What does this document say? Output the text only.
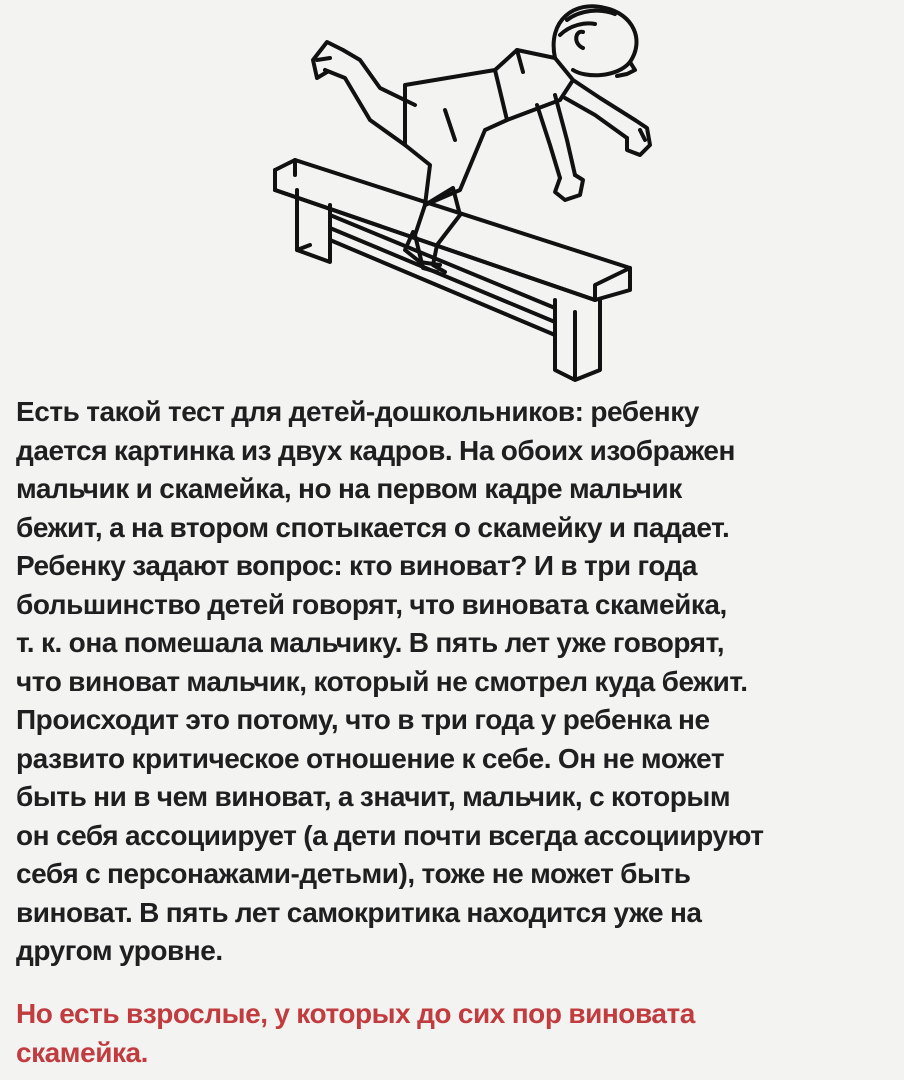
Есть такой тест для детей-дошкольников: ребенку
дается картинка из двух кадров. На обоих изображен
мальчик и скамейка, но на первом кадре мальчик
бежит, а на втором спотыкается о скамейку и падает.
Ребенку задают вопрос: кто виноват? И в три года
большинство детей говорят, что виновата скамейка,
т. к. она помешала мальчику. В пять лет уже говорят,
что виноват мальчик, который не смотрел куда бежит.
Происходит это потому, что в три года у ребенка не
развито критическое отношение к себе. Он не может
быть ни в чем виноват, а значит, мальчик, с которым
он себя ассоциирует (а дети почти всегда ассоциируют
себя с персонажами-детьми), тоже не может быть
виноват. В пять лет самокритика находится уже на
другом уровне.

Но есть взрослые, у которых до сих пор виновата
скамейка.
